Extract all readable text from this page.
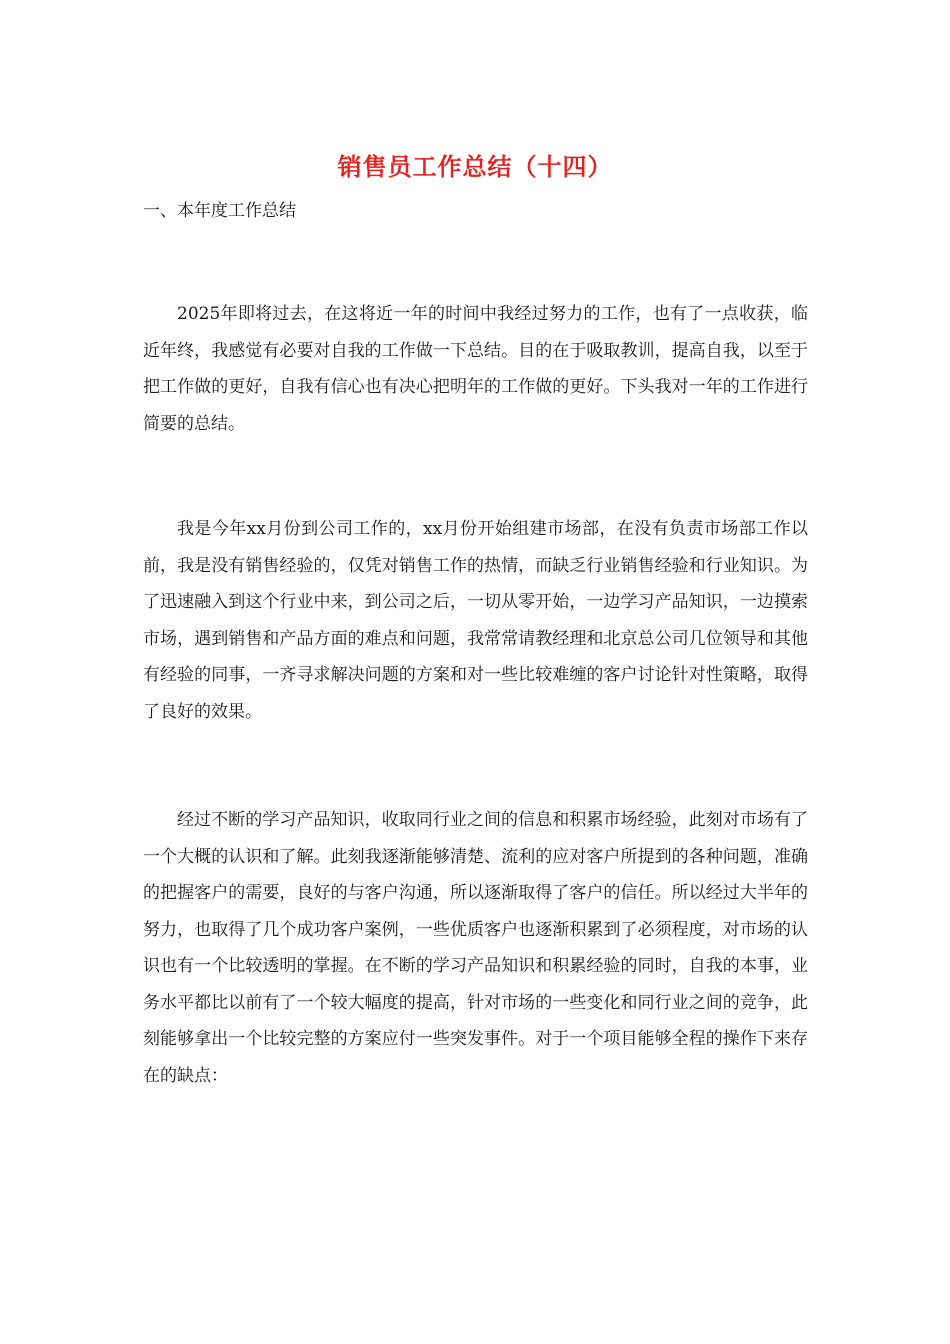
销售员工作总结（十四）
一、本年度工作总结

2025年即将过去，在这将近一年的时间中我经过努力的工作，也有了一点收获，临近年终，我感觉有必要对自我的工作做一下总结。目的在于吸取教训，提高自我，以至于把工作做的更好，自我有信心也有决心把明年的工作做的更好。下头我对一年的工作进行简要的总结。

我是今年xx月份到公司工作的，xx月份开始组建市场部，在没有负责市场部工作以前，我是没有销售经验的，仅凭对销售工作的热情，而缺乏行业销售经验和行业知识。为了迅速融入到这个行业中来，到公司之后，一切从零开始，一边学习产品知识，一边摸索市场，遇到销售和产品方面的难点和问题，我常常请教经理和北京总公司几位领导和其他有经验的同事，一齐寻求解决问题的方案和对一些比较难缠的客户讨论针对性策略，取得了良好的效果。

经过不断的学习产品知识，收取同行业之间的信息和积累市场经验，此刻对市场有了一个大概的认识和了解。此刻我逐渐能够清楚、流利的应对客户所提到的各种问题，准确的把握客户的需要，良好的与客户沟通，所以逐渐取得了客户的信任。所以经过大半年的努力，也取得了几个成功客户案例，一些优质客户也逐渐积累到了必须程度，对市场的认识也有一个比较透明的掌握。在不断的学习产品知识和积累经验的同时，自我的本事，业务水平都比以前有了一个较大幅度的提高，针对市场的一些变化和同行业之间的竞争，此刻能够拿出一个比较完整的方案应付一些突发事件。对于一个项目能够全程的操作下来存在的缺点：
